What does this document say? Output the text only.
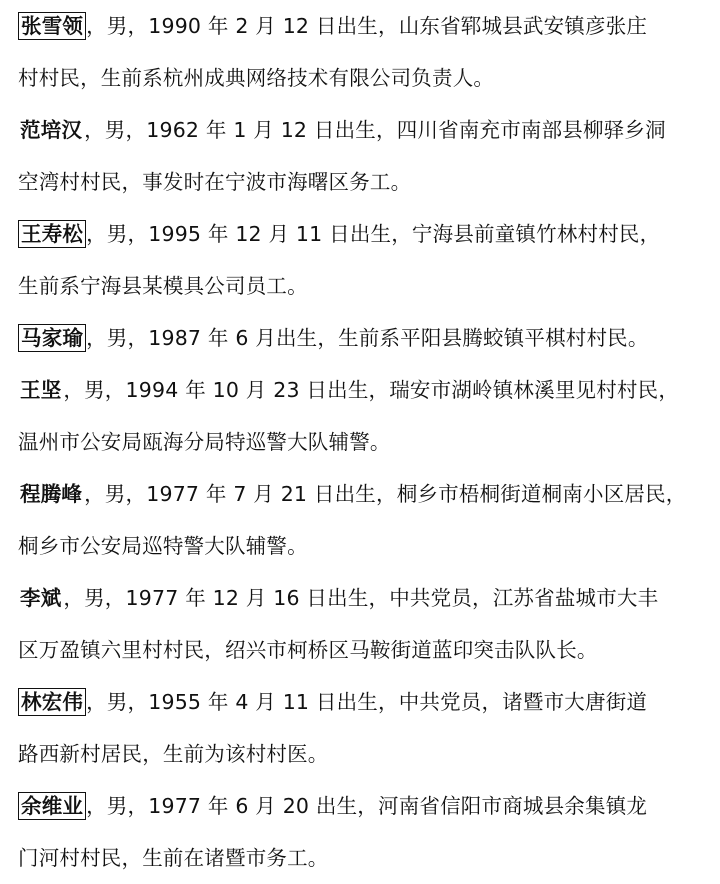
张雪领 ，男，1990 年 2 月 12 日出生，山东省郓城县武安镇彦张庄
村村民，生前系杭州成典网络技术有限公司负责人。

范培汉，男，1962 年 1 月 12 日出生，四川省南充市南部县柳驿乡洞
空湾村村民，事发时在宁波市海曙区务工。

王寿松 ，男，1995 年 12 月 11 日出生，宁海县前童镇竹林村村民，
生前系宁海县某模具公司员工。

马家瑜 ，男，1987 年 6 月出生，生前系平阳县腾蛟镇平棋村村民。

王坚，男，1994 年 10 月 23 日出生，瑞安市湖岭镇林溪里见村村民，
温州市公安局瓯海分局特巡警大队辅警。

程腾峰，男，1977 年 7 月 21 日出生，桐乡市梧桐街道桐南小区居民，
桐乡市公安局巡特警大队辅警。

李斌，男，1977 年 12 月 16 日出生，中共党员，江苏省盐城市大丰
区万盈镇六里村村民，绍兴市柯桥区马鞍街道蓝印突击队队长。

林宏伟 ，男，1955 年 4 月 11 日出生，中共党员，诸暨市大唐街道
路西新村居民，生前为该村村医。

余维业 ，男，1977 年 6 月 20 出生，河南省信阳市商城县余集镇龙
门河村村民，生前在诸暨市务工。
